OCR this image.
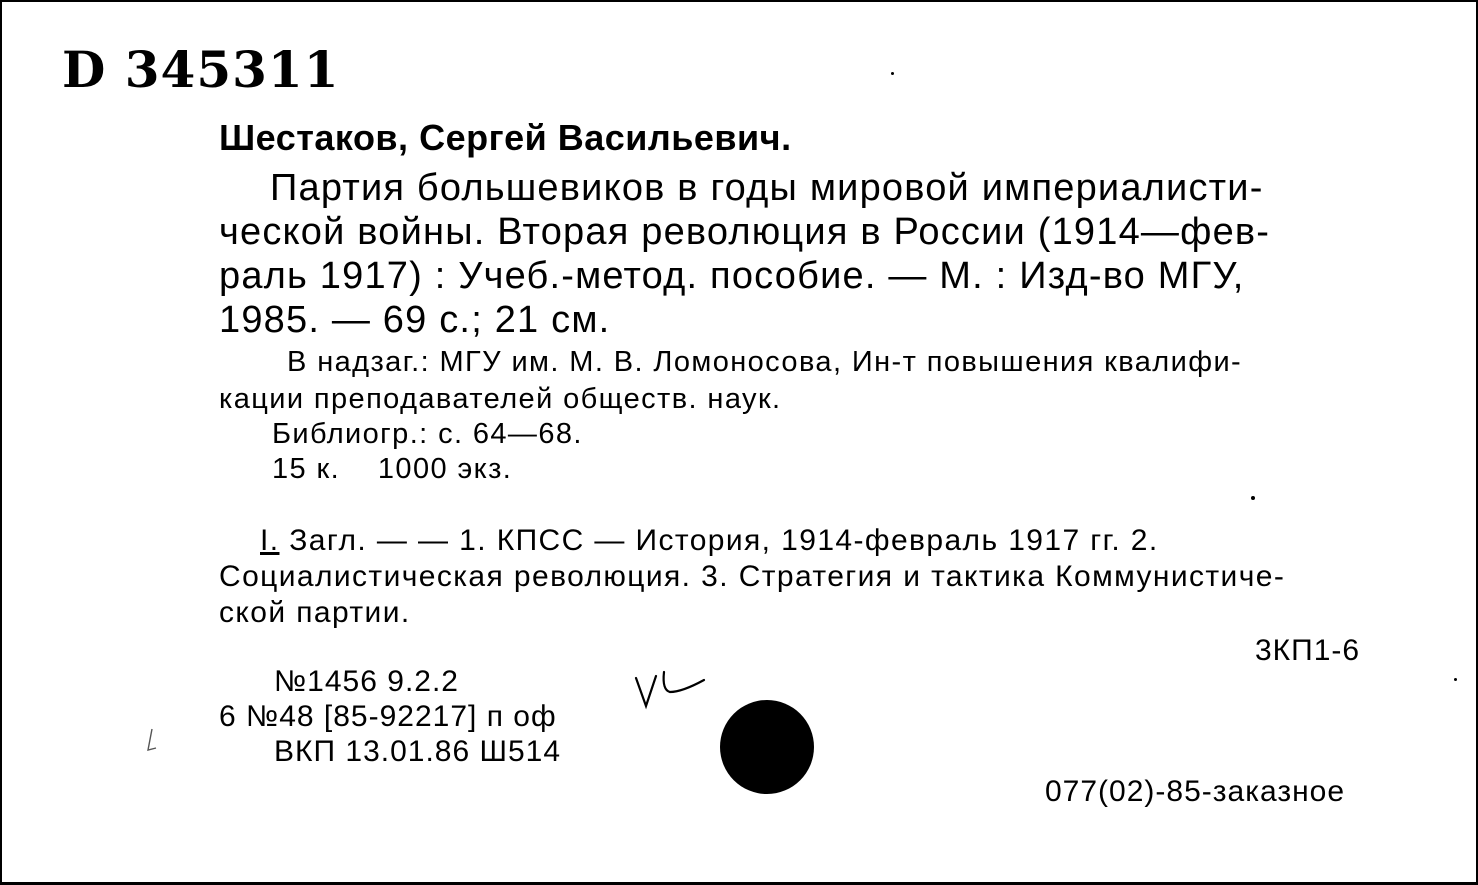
D 345311
Шестаков, Сергей Васильевич.
Партия большевиков в годы мировой империалисти-
ческой войны. Вторая революция в России (1914—фев-
раль 1917) : Учеб.-метод. пособие. — М. : Изд-во МГУ,
1985. — 69 с.; 21 см.
В надзаг.: МГУ им. М. В. Ломоносова, Ин-т повышения квалифи-
кации преподавателей обществ. наук.
Библиогр.: с. 64—68.
15 к.    1000 экз.
I. Загл. — — 1. КПСС — История, 1914-февраль 1917 гг. 2.
Социалистическая революция. 3. Стратегия и тактика Коммунистиче-
ской партии.
3КП1-6
№1456 9.2.2
6 №48 [85-92217] п оф
ВКП 13.01.86 Ш514
077(02)-85-заказное
